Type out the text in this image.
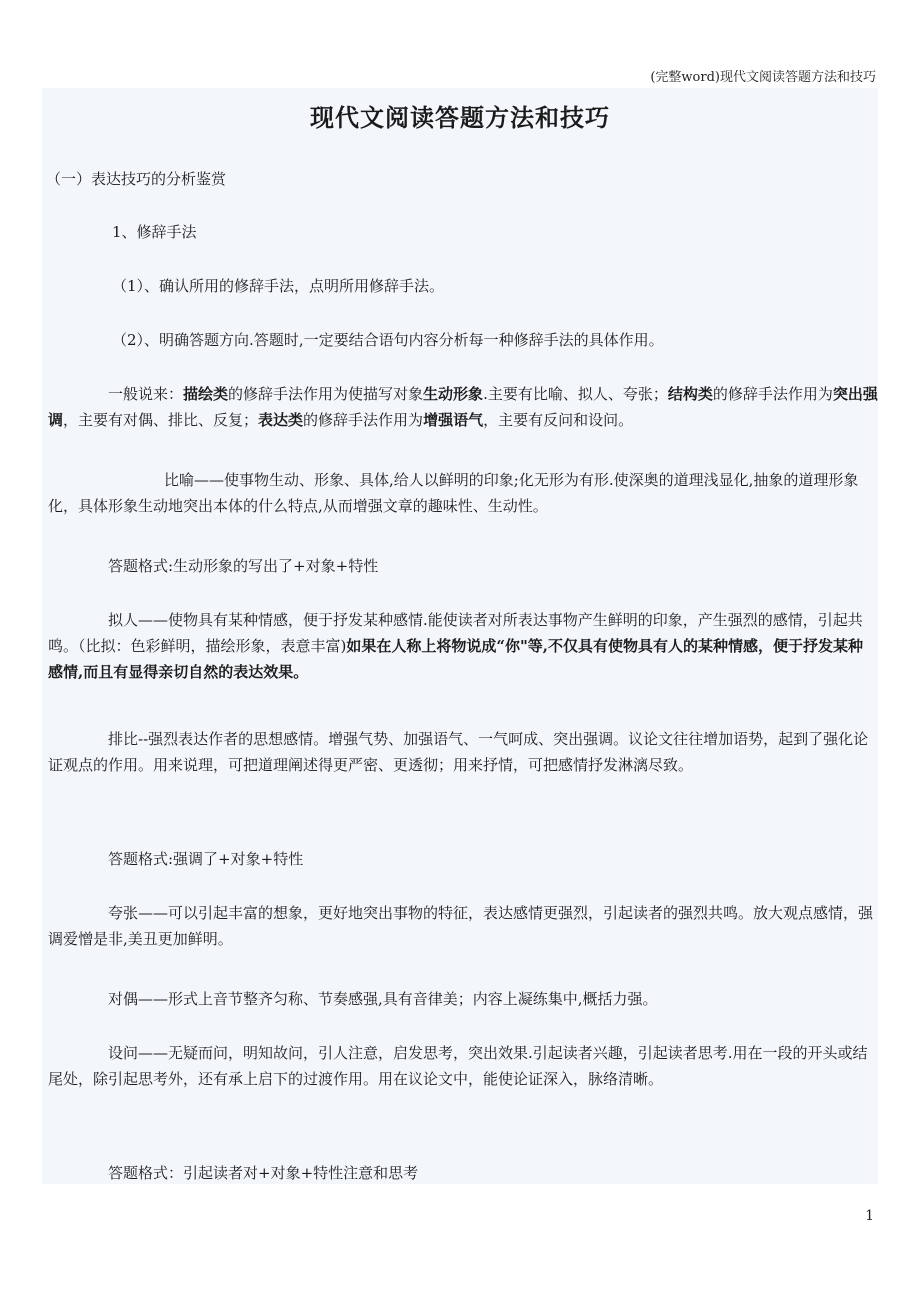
(完整word)现代文阅读答题方法和技巧
现代文阅读答题方法和技巧

（一）表达技巧的分析鉴赏

1、修辞手法

（1）、确认所用的修辞手法，点明所用修辞手法。

（2）、明确答题方向.答题时,一定要结合语句内容分析每一种修辞手法的具体作用。

一般说来：描绘类的修辞手法作用为使描写对象生动形象.主要有比喻、拟人、夸张；结构类的修辞手法作用为突出强调，主要有对偶、排比、反复；表达类的修辞手法作用为增强语气，主要有反问和设问。

比喻——使事物生动、形象、具体,给人以鲜明的印象;化无形为有形.使深奥的道理浅显化,抽象的道理形象化，具体形象生动地突出本体的什么特点,从而增强文章的趣味性、生动性。

答题格式:生动形象的写出了+对象+特性

拟人——使物具有某种情感，便于抒发某种感情.能使读者对所表达事物产生鲜明的印象，产生强烈的感情，引起共鸣。（比拟：色彩鲜明，描绘形象，表意丰富)如果在人称上将物说成“你"等,不仅具有使物具有人的某种情感，便于抒发某种感情,而且有显得亲切自然的表达效果。

排比--强烈表达作者的思想感情。增强气势、加强语气、一气呵成、突出强调。议论文往往增加语势，起到了强化论证观点的作用。用来说理，可把道理阐述得更严密、更透彻；用来抒情，可把感情抒发淋漓尽致。

答题格式:强调了+对象+特性

夸张——可以引起丰富的想象，更好地突出事物的特征，表达感情更强烈，引起读者的强烈共鸣。放大观点感情，强调爱憎是非,美丑更加鲜明。

对偶——形式上音节整齐匀称、节奏感强,具有音律美；内容上凝练集中,概括力强。

设问——无疑而问，明知故问，引人注意，启发思考，突出效果.引起读者兴趣，引起读者思考.用在一段的开头或结尾处，除引起思考外，还有承上启下的过渡作用。用在议论文中，能使论证深入，脉络清晰。

答题格式：引起读者对+对象+特性注意和思考

1
